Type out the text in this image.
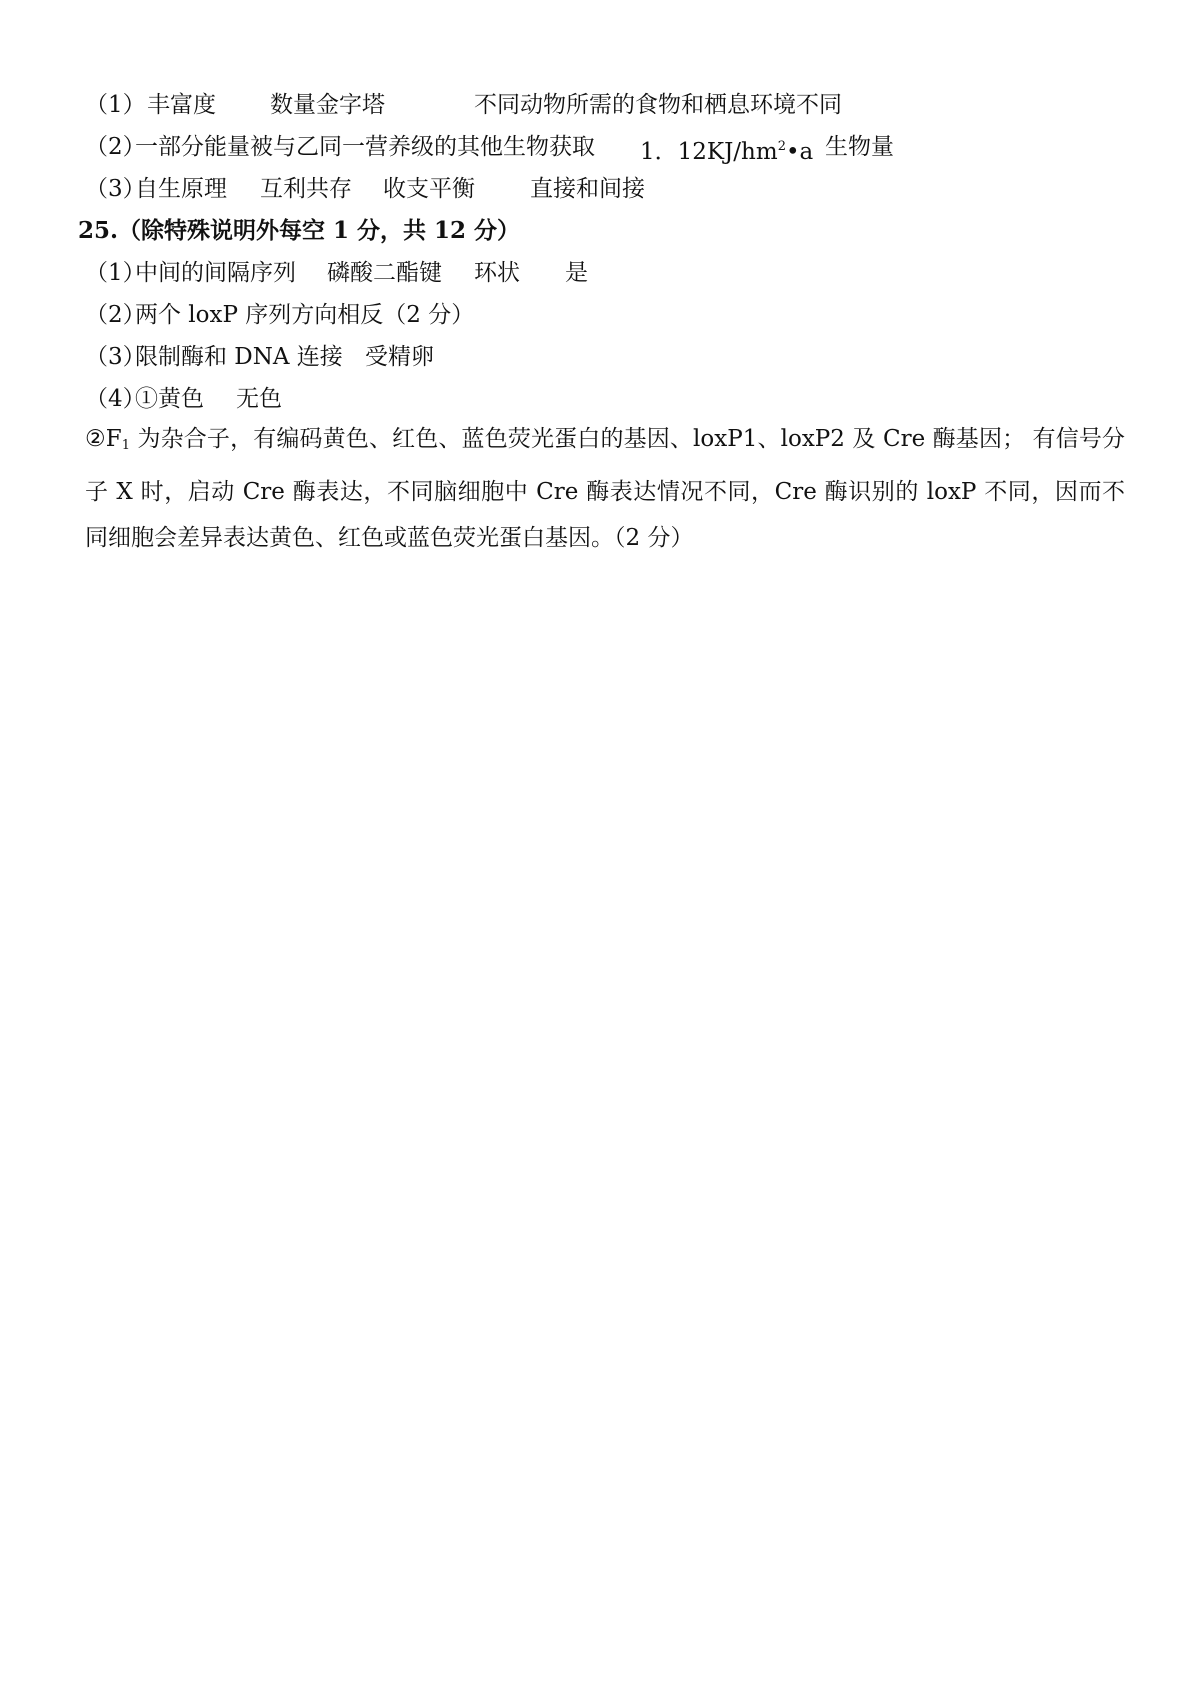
（1） 丰富度 数量金字塔	不同动物所需的食物和栖息环境不同
（2）
一部分能量被与乙同一营养级的其他生物获取 1．$12KJ/hm^2•a$ 生物量
（3）
自生原理 互利共存 收支平衡 直接和间接
25.（除特殊说明外每空 1 分，共 12 分）
（1）
中间的间隔序列 磷酸二酯键 环状 是
（2）
两个 loxP 序列方向相反（2 分）
（3）
限制酶和 DNA 连接 受精卵
（4）
①黄色 无色
$②F_1$ 为杂合子，有编码黄色、红色、蓝色荧光蛋白的基因、loxP1、loxP2 及 Cre 酶基因； 有信号分子 X 时，启动 Cre 酶表达，不同脑细胞中 Cre 酶表达情况不同，Cre 酶识别的 loxP 不同，因而不同细胞会差异表达黄色、红色或蓝色荧光蛋白基因。（2 分）
